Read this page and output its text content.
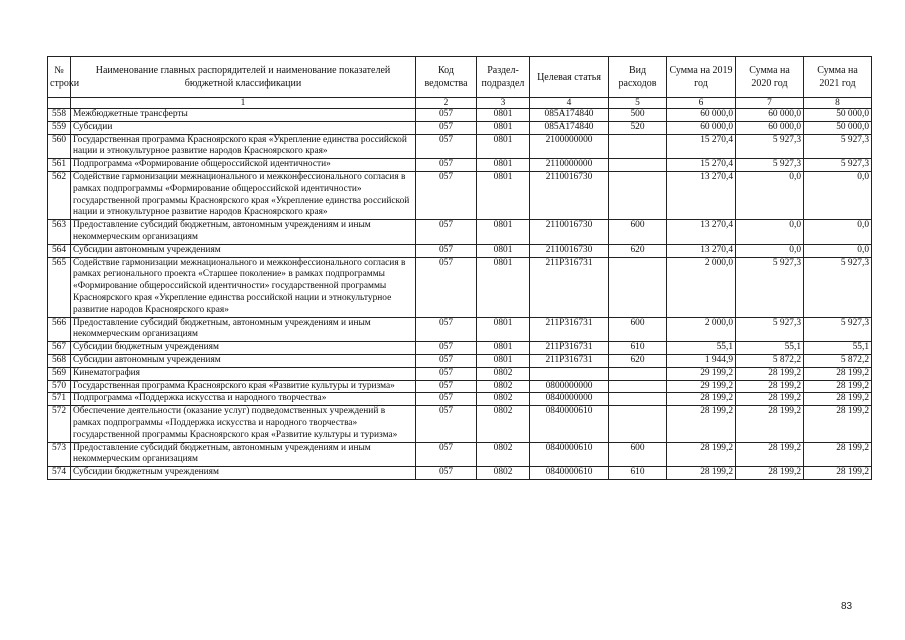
№ строки	Наименование главных распорядителей и наименование показателей бюджетной классификации	Код ведомства	Раздел-подраздел	Целевая статья	Вид расходов	Сумма на 2019 год	Сумма на 2020 год	Сумма на 2021 год
	1	2	3	4	5	6	7	8
558	Межбюджетные трансферты	057	0801	085А174840	500	60 000,0	60 000,0	50 000,0
559	Субсидии	057	0801	085А174840	520	60 000,0	60 000,0	50 000,0
560	Государственная программа Красноярского края «Укрепление единства российской нации и этнокультурное развитие народов Красноярского края»	057	0801	2100000000		15 270,4	5 927,3	5 927,3
561	Подпрограмма «Формирование общероссийской идентичности»	057	0801	2110000000		15 270,4	5 927,3	5 927,3
562	Содействие гармонизации межнационального и межконфессионального согласия в рамках подпрограммы «Формирование общероссийской идентичности» государственной программы Красноярского края «Укрепление единства российской нации и этнокультурное развитие народов Красноярского края»	057	0801	2110016730		13 270,4	0,0	0,0
563	Предоставление субсидий бюджетным, автономным учреждениям и иным некоммерческим организациям	057	0801	2110016730	600	13 270,4	0,0	0,0
564	Субсидии автономным учреждениям	057	0801	2110016730	620	13 270,4	0,0	0,0
565	Содействие гармонизации межнационального и межконфессионального согласия в рамках регионального проекта «Старшее поколение» в рамках подпрограммы «Формирование общероссийской идентичности» государственной программы Красноярского края «Укрепление единства российской нации и этнокультурное развитие народов Красноярского края»	057	0801	211Р316731		2 000,0	5 927,3	5 927,3
566	Предоставление субсидий бюджетным, автономным учреждениям и иным некоммерческим организациям	057	0801	211Р316731	600	2 000,0	5 927,3	5 927,3
567	Субсидии бюджетным учреждениям	057	0801	211Р316731	610	55,1	55,1	55,1
568	Субсидии автономным учреждениям	057	0801	211Р316731	620	1 944,9	5 872,2	5 872,2
569	Кинематография	057	0802			29 199,2	28 199,2	28 199,2
570	Государственная программа Красноярского края «Развитие культуры и туризма»	057	0802	0800000000		29 199,2	28 199,2	28 199,2
571	Подпрограмма «Поддержка искусства и народного творчества»	057	0802	0840000000		28 199,2	28 199,2	28 199,2
572	Обеспечение деятельности (оказание услуг) подведомственных учреждений в рамках подпрограммы «Поддержка искусства и народного творчества» государственной программы Красноярского края «Развитие культуры и туризма»	057	0802	0840000610		28 199,2	28 199,2	28 199,2
573	Предоставление субсидий бюджетным, автономным учреждениям и иным некоммерческим организациям	057	0802	0840000610	600	28 199,2	28 199,2	28 199,2
574	Субсидии бюджетным учреждениям	057	0802	0840000610	610	28 199,2	28 199,2	28 199,2
83
